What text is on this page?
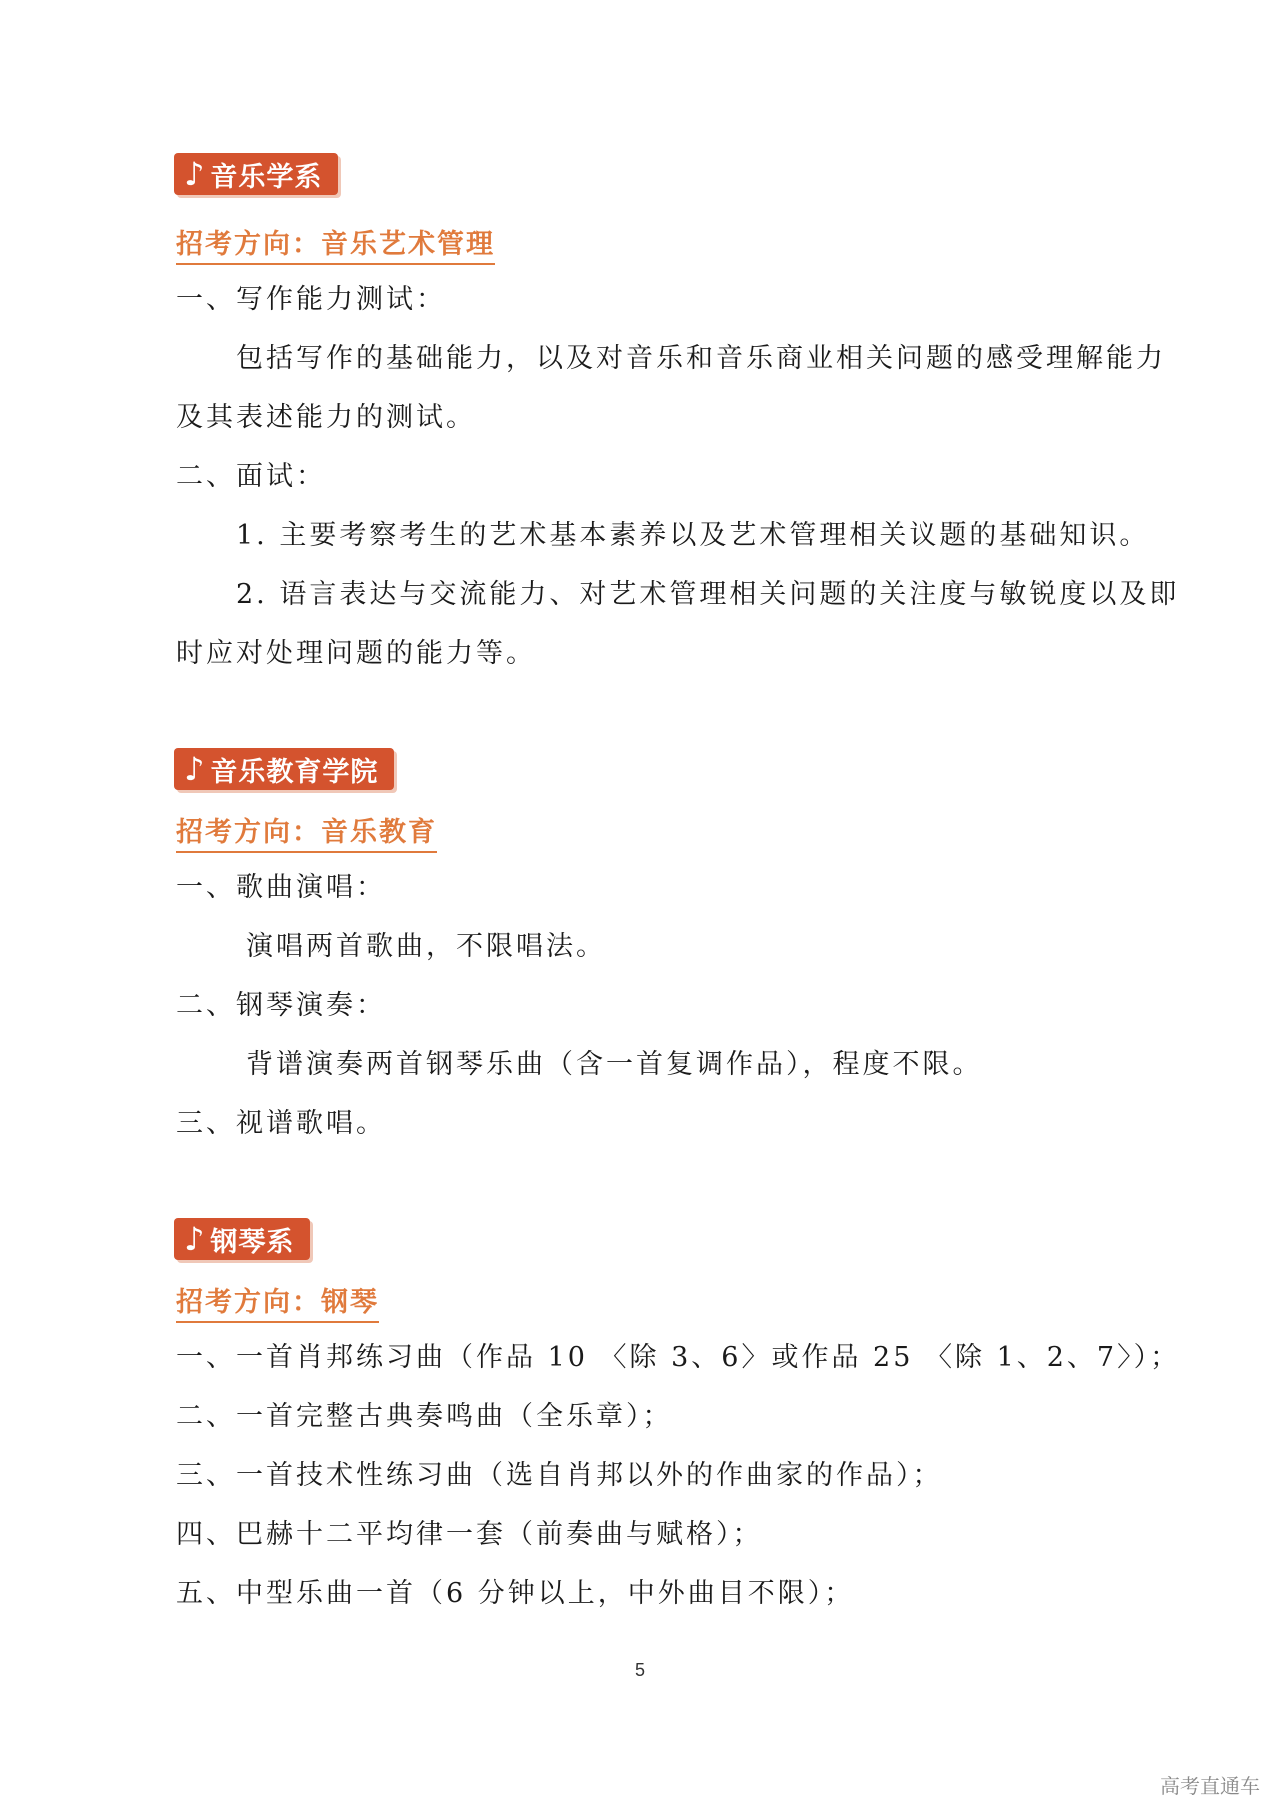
♪ 音乐学系
招考方向：音乐艺术管理
一、写作能力测试：
包括写作的基础能力，以及对音乐和音乐商业相关问题的感受理解能力
及其表述能力的测试。
二、面试：
1. 主要考察考生的艺术基本素养以及艺术管理相关议题的基础知识。
2. 语言表达与交流能力、对艺术管理相关问题的关注度与敏锐度以及即
时应对处理问题的能力等。
♪ 音乐教育学院
招考方向：音乐教育
一、歌曲演唱：
演唱两首歌曲，不限唱法。
二、钢琴演奏：
背谱演奏两首钢琴乐曲（含一首复调作品），程度不限。
三、视谱歌唱。
♪ 钢琴系
招考方向：钢琴
一、一首肖邦练习曲（作品 10 〈除 3、6〉或作品 25 〈除 1、2、7〉）；
二、一首完整古典奏鸣曲（全乐章）；
三、一首技术性练习曲（选自肖邦以外的作曲家的作品）；
四、巴赫十二平均律一套（前奏曲与赋格）；
五、中型乐曲一首（6 分钟以上，中外曲目不限）；
5
高考直通车
